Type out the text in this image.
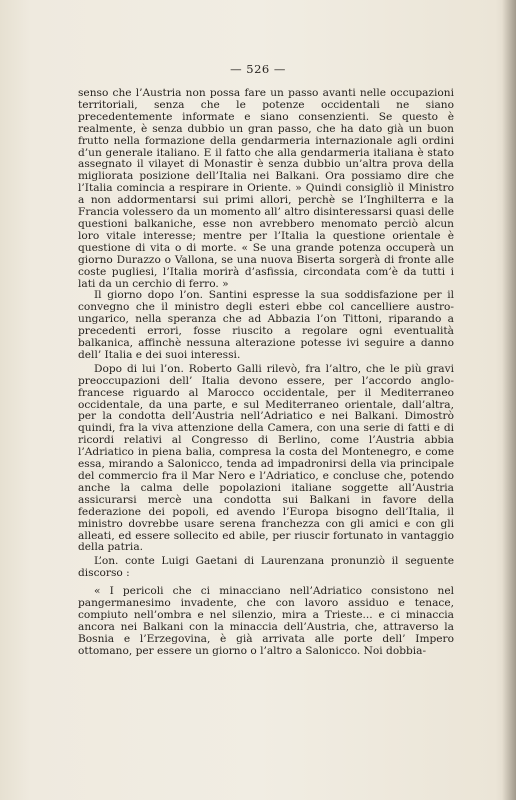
— 526 —

senso che l’Austria non possa fare un passo avanti nelle occupazioni territoriali, senza che le potenze occidentali ne siano precedentemente informate e siano consenzienti. Se questo è realmente, è senza dubbio un gran passo, che ha dato già un buon frutto nella formazione della gendarmeria internazionale agli ordini d’un generale italiano. E il fatto che alla gendarmeria italiana è stato assegnato il vilayet di Monastir è senza dubbio un’altra prova della migliorata posizione dell’Italia nei Balkani. Ora possiamo dire che l’Italia comincia a respirare in Oriente. » Quindi consigliò il Ministro a non addormentarsi sui primi allori, perchè se l’Inghilterra e la Francia volessero da un momento all’ altro disinteressarsi quasi delle questioni balkaniche, esse non avrebbero menomato perciò alcun loro vitale interesse; mentre per l’Italia la questione orientale è questione di vita o di morte. « Se una grande potenza occuperà un giorno Durazzo o Vallona, se una nuova Biserta sorgerà di fronte alle coste pugliesi, l’Italia morirà d’asfissia, circondata com’è da tutti i lati da un cerchio di ferro. »

Il giorno dopo l’on. Santini espresse la sua soddisfazione per il convegno che il ministro degli esteri ebbe col cancelliere austro-ungarico, nella speranza che ad Abbazia l’on Tittoni, riparando a precedenti errori, fosse riuscito a regolare ogni eventualità balkanica, affinchè nessuna alterazione potesse ivi seguire a danno dell’ Italia e dei suoi interessi.

Dopo di lui l’on. Roberto Galli rilevò, fra l’altro, che le più gravi preoccupazioni dell’ Italia devono essere, per l’accordo anglo-francese riguardo al Marocco occidentale, per il Mediterraneo occidentale, da una parte, e sul Mediterraneo orientale, dall’altra, per la condotta dell’Austria nell’Adriatico e nei Balkani. Dimostrò quindi, fra la viva attenzione della Camera, con una serie di fatti e di ricordi relativi al Congresso di Berlino, come l’Austria abbia l’Adriatico in piena balia, compresa la costa del Montenegro, e come essa, mirando a Salonicco, tenda ad impadronirsi della via principale del commercio fra il Mar Nero e l’Adriatico, e concluse che, potendo anche la calma delle popolazioni italiane soggette all’Austria assicurarsi mercè una condotta sui Balkani in favore della federazione dei popoli, ed avendo l’Europa bisogno dell’Italia, il ministro dovrebbe usare serena franchezza con gli amici e con gli alleati, ed essere sollecito ed abile, per riuscir fortunato in vantaggio della patria.

L’on. conte Luigi Gaetani di Laurenzana pronunziò il seguente discorso :

« I pericoli che ci minacciano nell’Adriatico consistono nel pangermanesimo invadente, che con lavoro assiduo e tenace, compiuto nell’ombra e nel silenzio, mira a Trieste... e ci minaccia ancora nei Balkani con la minaccia dell’Austria, che, attraverso la Bosnia e l’Erzegovina, è già arrivata alle porte dell’ Impero ottomano, per essere un giorno o l’altro a Salonicco. Noi dobbia-
